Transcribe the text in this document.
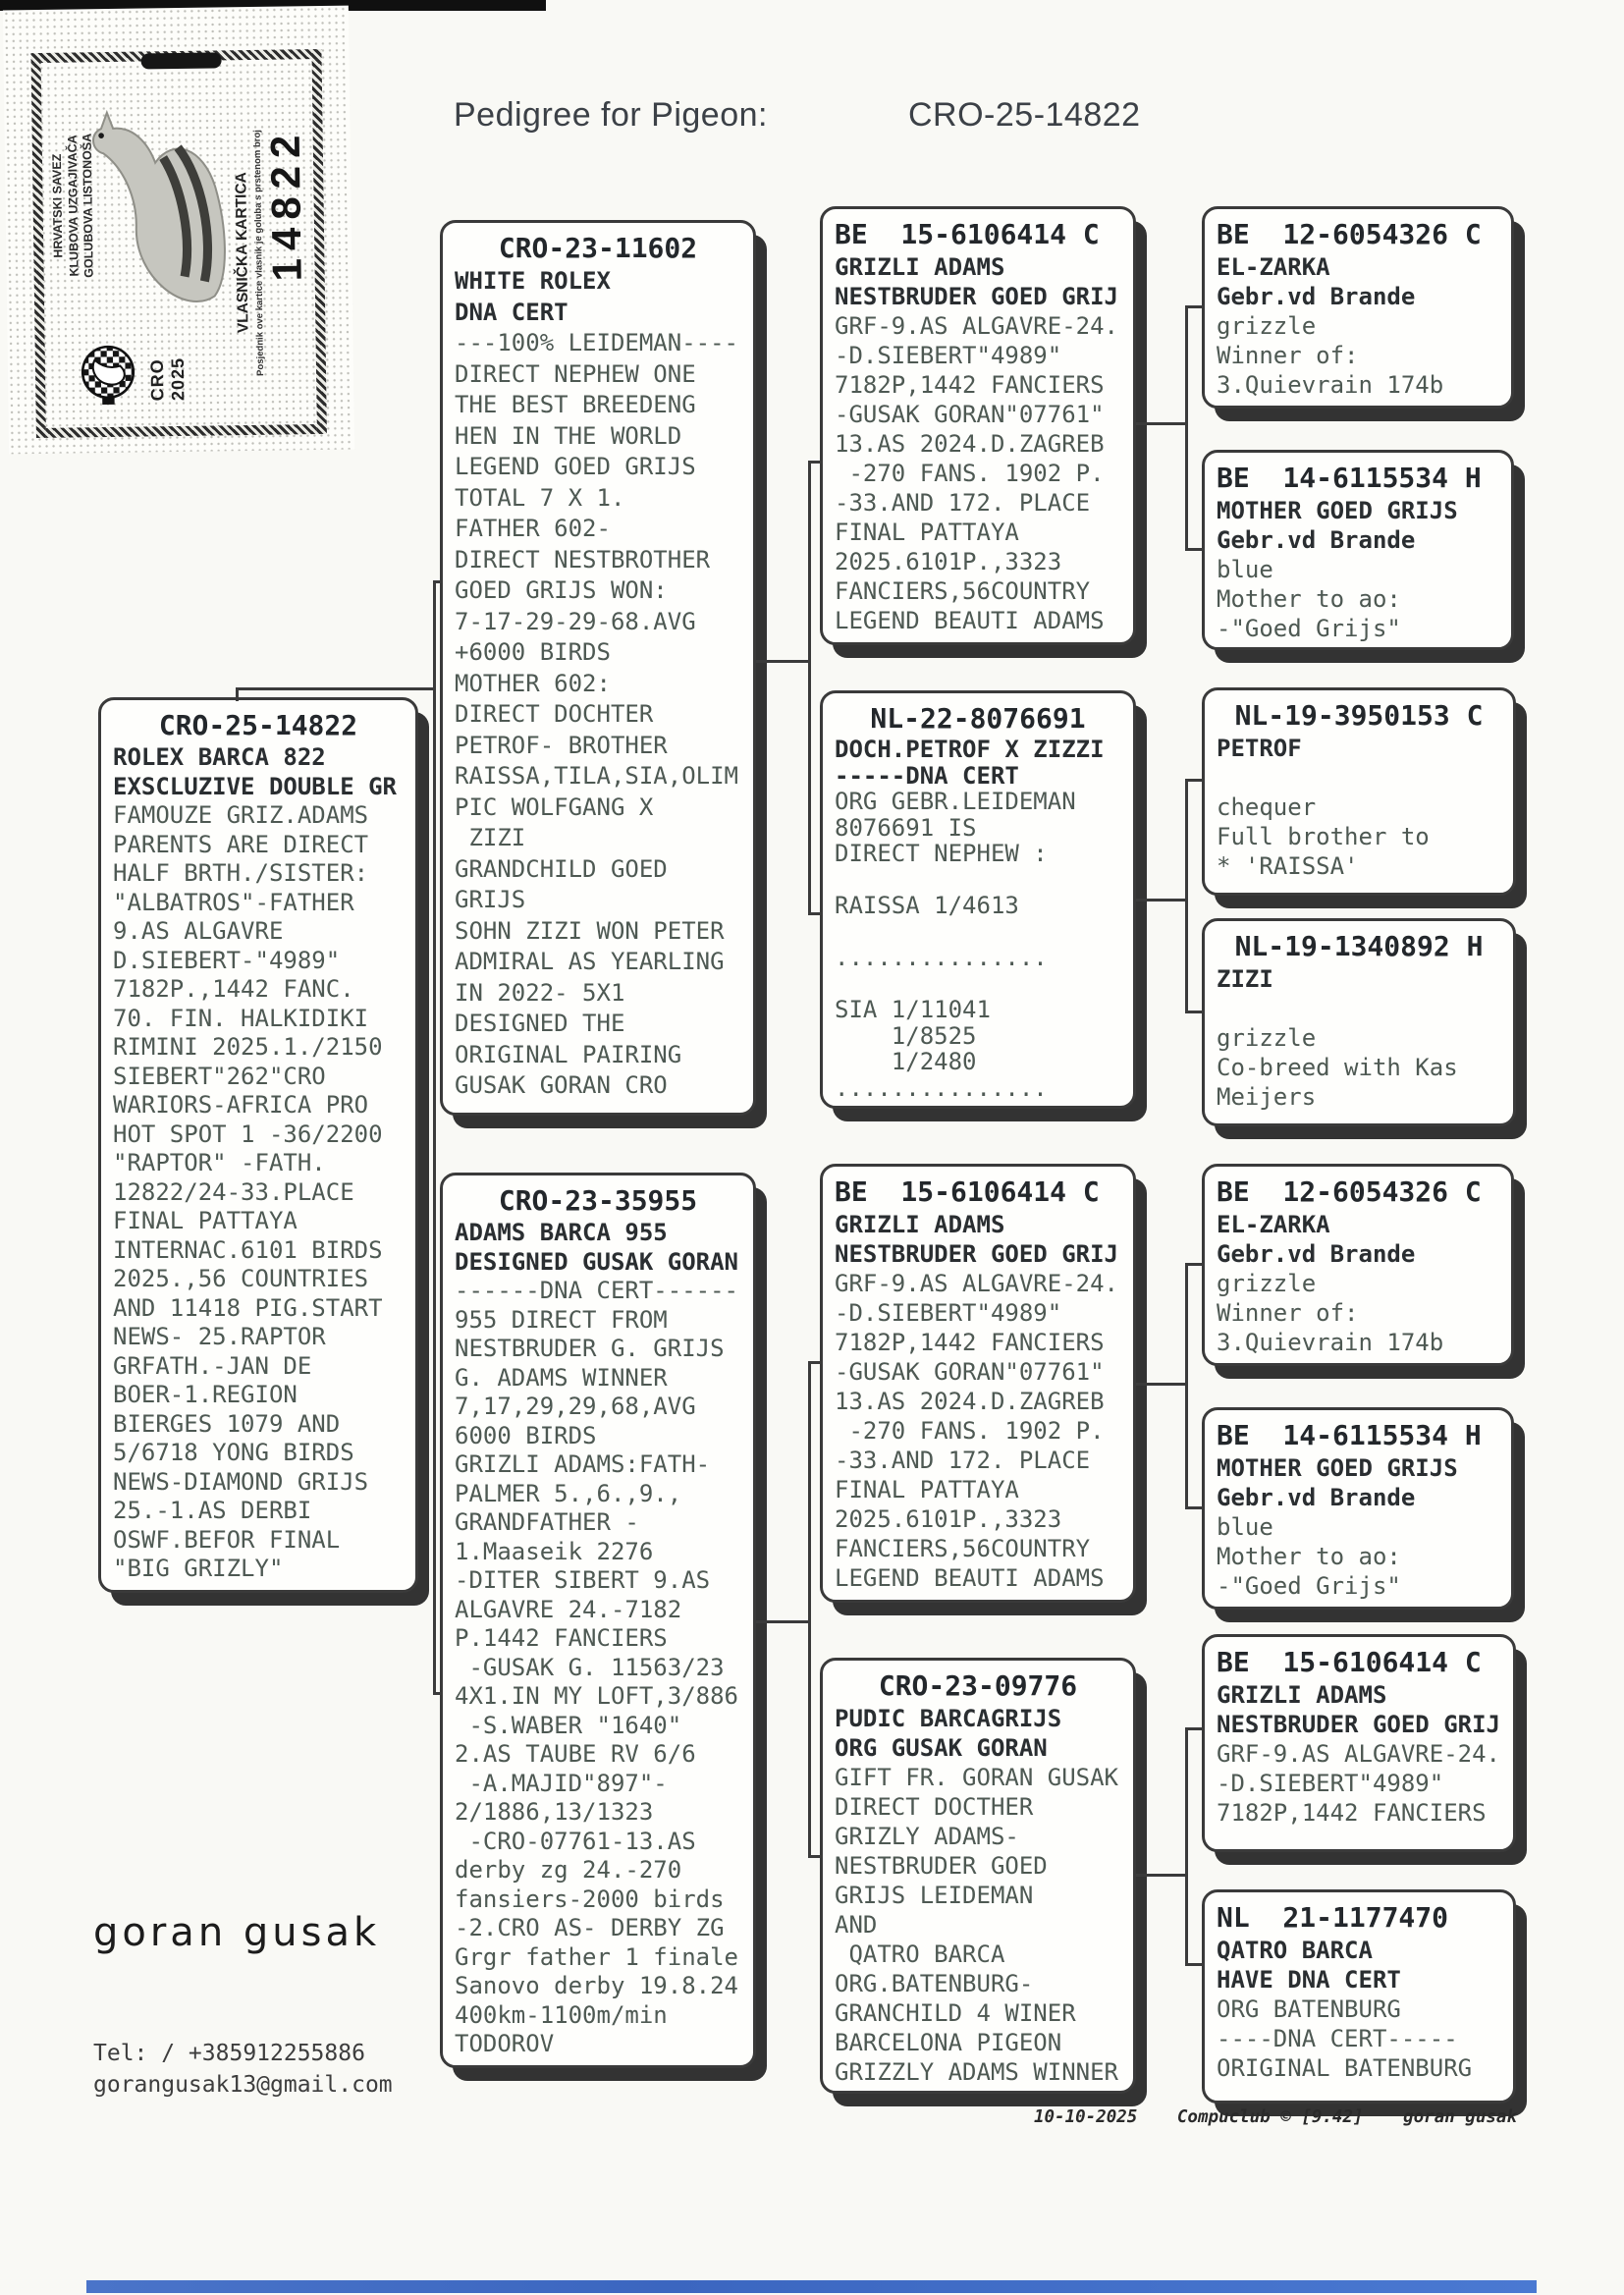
HRVATSKI SAVEZ
KLUBOVA UZGAJIVAČA
GOLUBOVA LISTONOŠA
CRO
2025
VLASNIČKA KARTICA Posjednik ove kartice vlasnik je goluba s prstenom broj
14822
Pedigree for Pigeon:	CRO-25-14822
CRO-25-14822
ROLEX BARCA 822
EXSCLUZIVE DOUBLE GR
FAMOUZE GRIZ.ADAMS
PARENTS ARE DIRECT
HALF BRTH./SISTER:
"ALBATROS"-FATHER
9.AS ALGAVRE
D.SIEBERT-"4989"
7182P.,1442 FANC.
70. FIN. HALKIDIKI
RIMINI 2025.1./2150
SIEBERT"262"CRO
WARIORS-AFRICA PRO
HOT SPOT 1 -36/2200
"RAPTOR" -FATH.
12822/24-33.PLACE
FINAL PATTAYA
INTERNAC.6101 BIRDS
2025.,56 COUNTRIES
AND 11418 PIG.START
NEWS- 25.RAPTOR
GRFATH.-JAN DE
BOER-1.REGION
BIERGES 1079 AND
5/6718 YONG BIRDS
NEWS-DIAMOND GRIJS
25.-1.AS DERBI
OSWF.BEFOR FINAL
"BIG GRIZLY"
CRO-23-11602
WHITE ROLEX
DNA CERT
---100% LEIDEMAN----
DIRECT NEPHEW ONE
THE BEST BREEDENG
HEN IN THE WORLD
LEGEND GOED GRIJS
TOTAL 7 X 1.
FATHER 602-
DIRECT NESTBROTHER
GOED GRIJS WON:
7-17-29-29-68.AVG
+6000 BIRDS
MOTHER 602:
DIRECT DOCHTER
PETROF- BROTHER
RAISSA,TILA,SIA,OLIM
PIC WOLFGANG X
ZIZI
GRANDCHILD GOED
GRIJS
SOHN ZIZI WON PETER
ADMIRAL AS YEARLING
IN 2022- 5X1
DESIGNED THE
ORIGINAL PAIRING
GUSAK GORAN CRO
CRO-23-35955
ADAMS BARCA 955
DESIGNED GUSAK GORAN
------DNA CERT------
955 DIRECT FROM
NESTBRUDER G. GRIJS
G. ADAMS WINNER
7,17,29,29,68,AVG
6000 BIRDS
GRIZLI ADAMS:FATH-
PALMER 5.,6.,9.,
GRANDFATHER -
1.Maaseik 2276
-DITER SIBERT 9.AS
ALGAVRE 24.-7182
P.1442 FANCIERS
-GUSAK G. 11563/23
4X1.IN MY LOFT,3/886
-S.WABER "1640"
2.AS TAUBE RV 6/6
-A.MAJID"897"-
2/1886,13/1323
-CRO-07761-13.AS
derby zg 24.-270
fansiers-2000 birds
-2.CRO AS- DERBY ZG
Grgr father 1 finale
Sanovo derby 19.8.24
400km-1100m/min
TODOROV
BE  15-6106414 C
GRIZLI ADAMS
NESTBRUDER GOED GRIJ
GRF-9.AS ALGAVRE-24.
-D.SIEBERT"4989"
7182P,1442 FANCIERS
-GUSAK GORAN"07761"
13.AS 2024.D.ZAGREB
-270 FANS. 1902 P.
-33.AND 172. PLACE
FINAL PATTAYA
2025.6101P.,3323
FANCIERS,56COUNTRY
LEGEND BEAUTI ADAMS
NL-22-8076691
DOCH.PETROF X ZIZZI
-----DNA CERT
ORG GEBR.LEIDEMAN
8076691 IS
DIRECT NEPHEW :

RAISSA 1/4613

...............

SIA 1/11041
1/8525
1/2480
...............
BE  15-6106414 C
GRIZLI ADAMS
NESTBRUDER GOED GRIJ
GRF-9.AS ALGAVRE-24.
-D.SIEBERT"4989"
7182P,1442 FANCIERS
-GUSAK GORAN"07761"
13.AS 2024.D.ZAGREB
-270 FANS. 1902 P.
-33.AND 172. PLACE
FINAL PATTAYA
2025.6101P.,3323
FANCIERS,56COUNTRY
LEGEND BEAUTI ADAMS
CRO-23-09776
PUDIC BARCAGRIJS
ORG GUSAK GORAN
GIFT FR. GORAN GUSAK
DIRECT DOCTHER
GRIZLY ADAMS-
NESTBRUDER GOED
GRIJS LEIDEMAN
AND
QATRO BARCA
ORG.BATENBURG-
GRANCHILD 4 WINER
BARCELONA PIGEON
GRIZZLY ADAMS WINNER
BE  12-6054326 C
EL-ZARKA
Gebr.vd Brande
grizzle
Winner of:
3.Quievrain 174b
BE  14-6115534 H
MOTHER GOED GRIJS
Gebr.vd Brande
blue
Mother to ao:
-"Goed Grijs"
NL-19-3950153 C
PETROF

chequer
Full brother to
* 'RAISSA'
NL-19-1340892 H
ZIZI

grizzle
Co-breed with Kas
Meijers
BE  12-6054326 C
EL-ZARKA
Gebr.vd Brande
grizzle
Winner of:
3.Quievrain 174b
BE  14-6115534 H
MOTHER GOED GRIJS
Gebr.vd Brande
blue
Mother to ao:
-"Goed Grijs"
BE  15-6106414 C
GRIZLI ADAMS
NESTBRUDER GOED GRIJ
GRF-9.AS ALGAVRE-24.
-D.SIEBERT"4989"
7182P,1442 FANCIERS
NL  21-1177470
QATRO BARCA
HAVE DNA CERT
ORG BATENBURG
----DNA CERT-----
ORIGINAL BATENBURG
goran gusak
Tel: / +385912255886
gorangusak13@gmail.com
10-10-2025 Compuclub © [9.42] goran gusak
